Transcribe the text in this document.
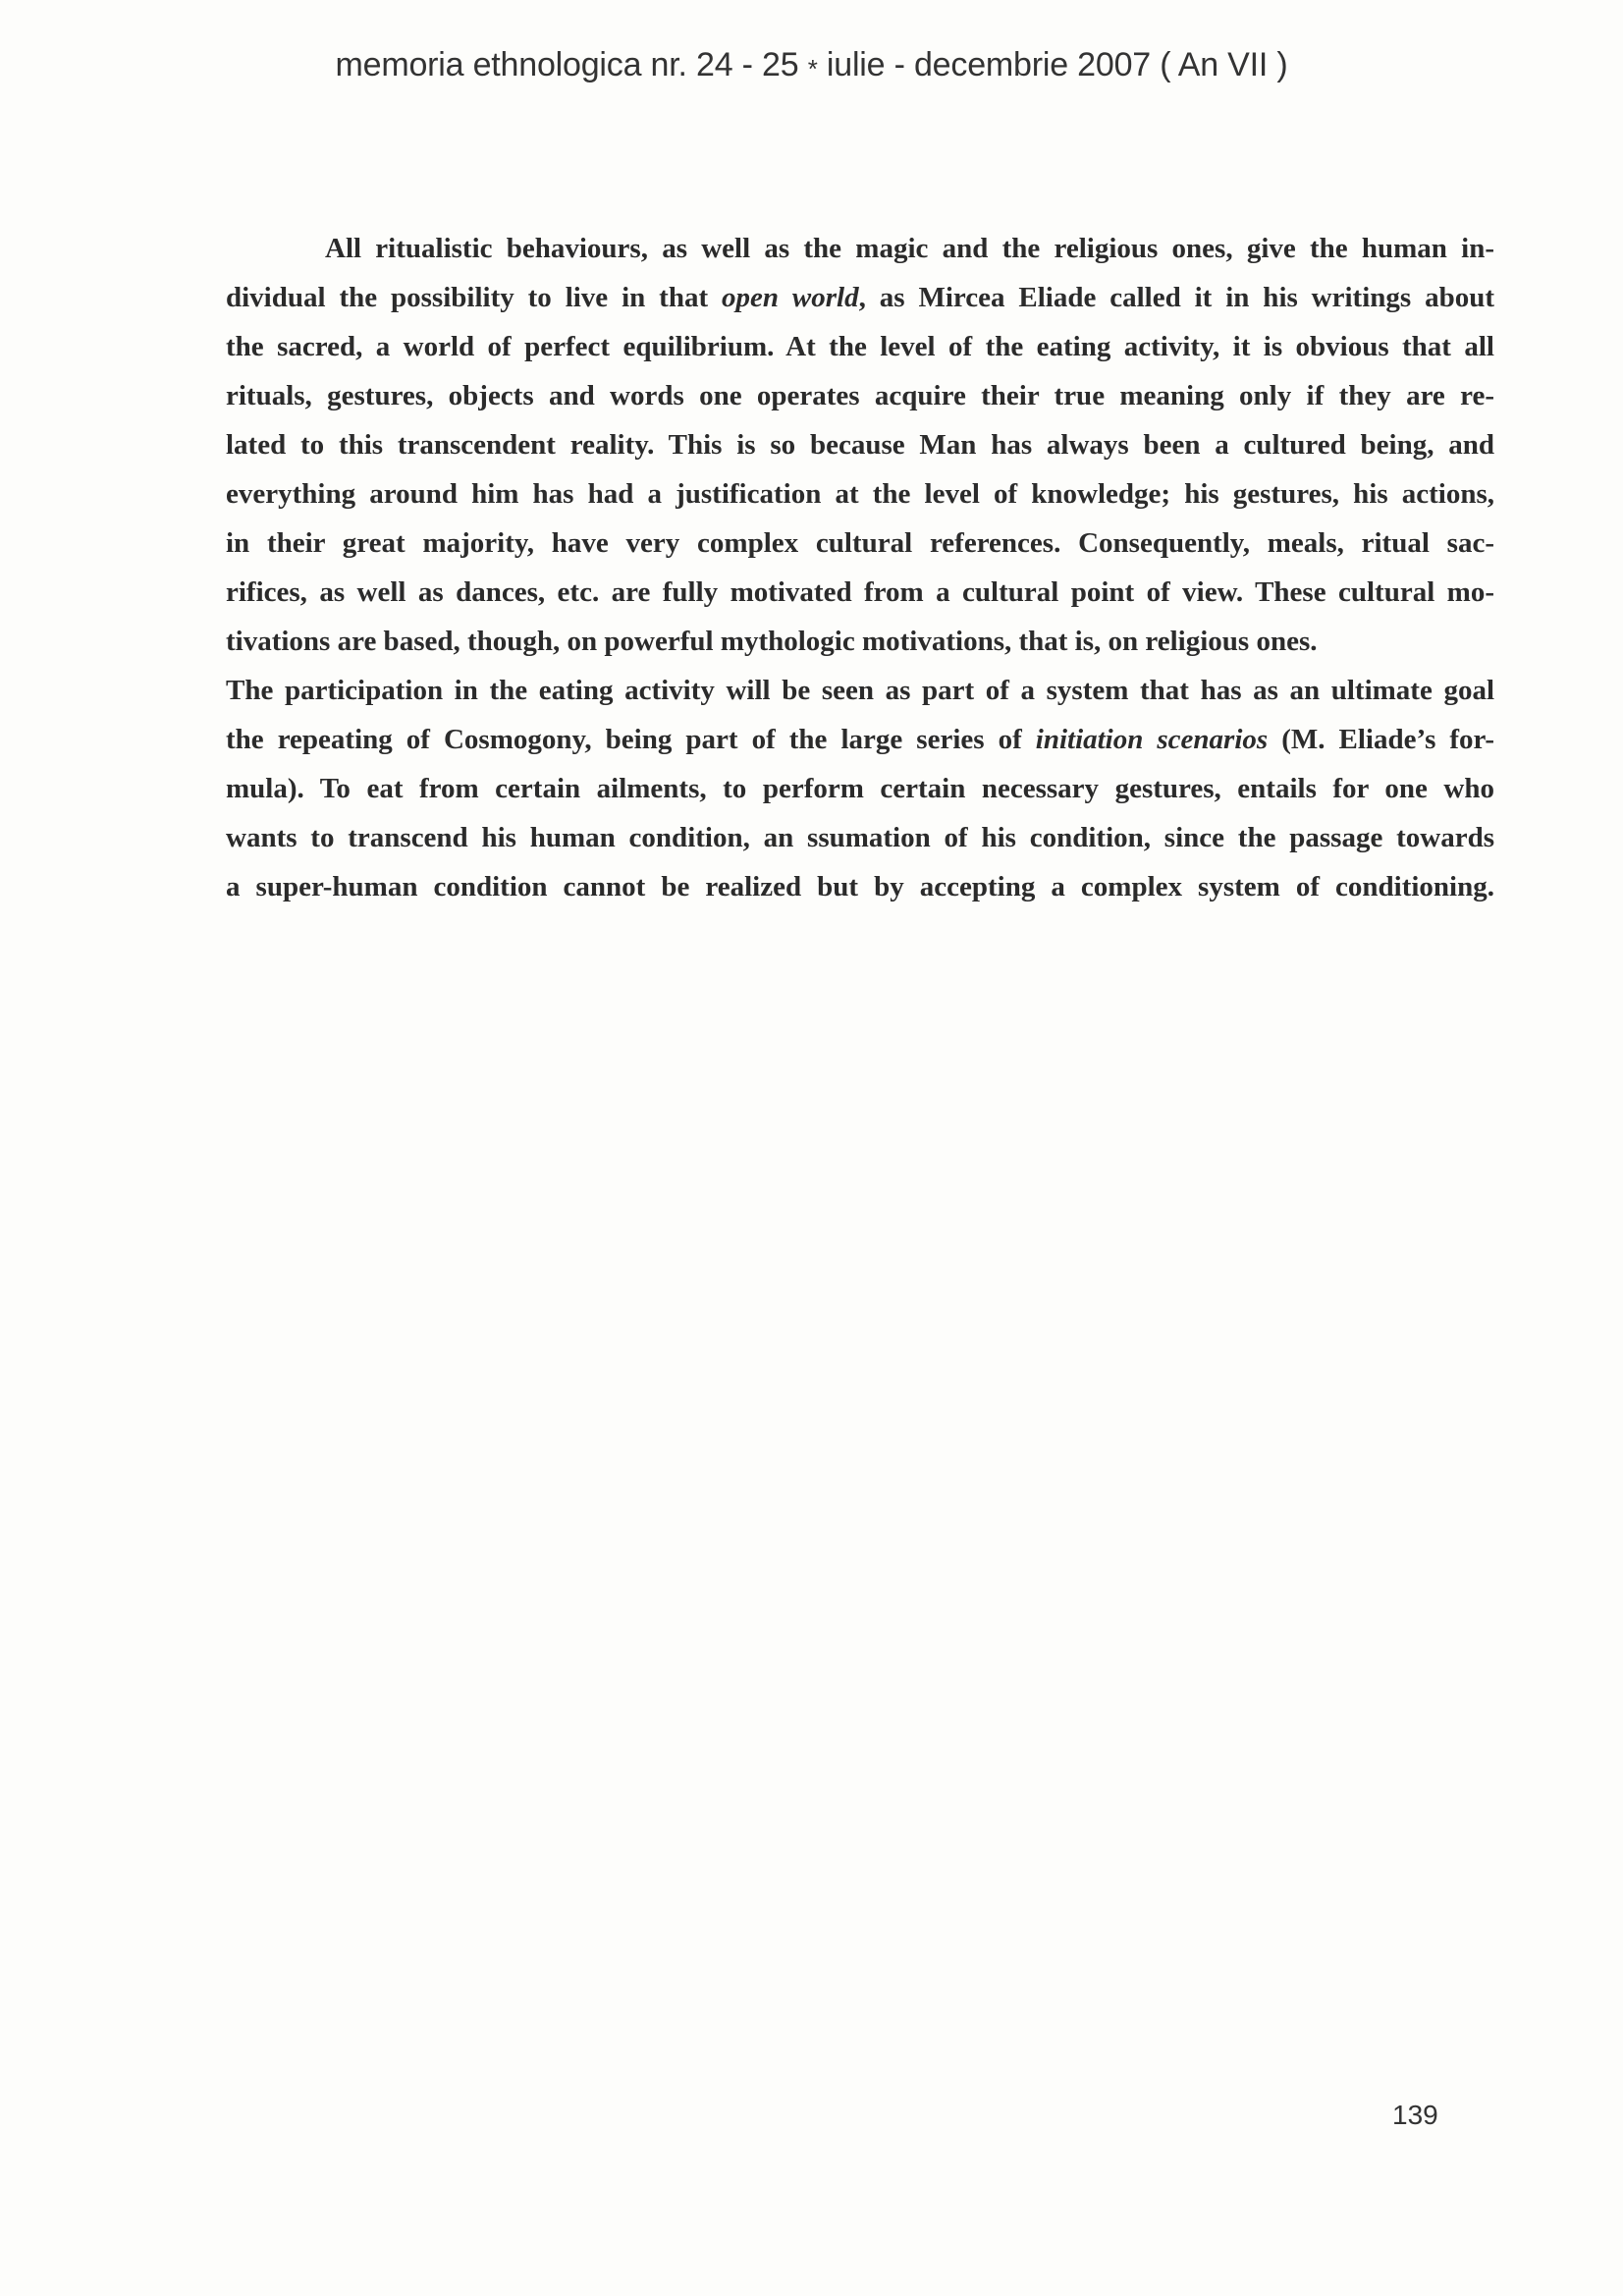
memoria ethnologica nr. 24 - 25 * iulie - decembrie 2007 ( An VII )
All ritualistic behaviours, as well as the magic and the religious ones, give the human in-
dividual the possibility to live in that open world, as Mircea Eliade called it in his writings about
the sacred, a world of perfect equilibrium. At the level of the eating activity, it is obvious that all
rituals, gestures, objects and words one operates acquire their true meaning only if they are re-
lated to this transcendent reality. This is so because Man has always been a cultured being, and
everything around him has had a justification at the level of knowledge; his gestures, his actions,
in their great majority, have very complex cultural references. Consequently, meals, ritual sac-
rifices, as well as dances, etc. are fully motivated from a cultural point of view. These cultural mo-
tivations are based, though, on powerful mythologic motivations, that is, on religious ones.
The participation in the eating activity will be seen as part of a system that has as an ultimate goal
the repeating of Cosmogony, being part of the large series of initiation scenarios (M. Eliade’s for-
mula). To eat from certain ailments, to perform certain necessary gestures, entails for one who
wants to transcend his human condition, an ssumation of his condition, since the passage towards
a super-human condition cannot be realized but by accepting a complex system of conditioning.
139
